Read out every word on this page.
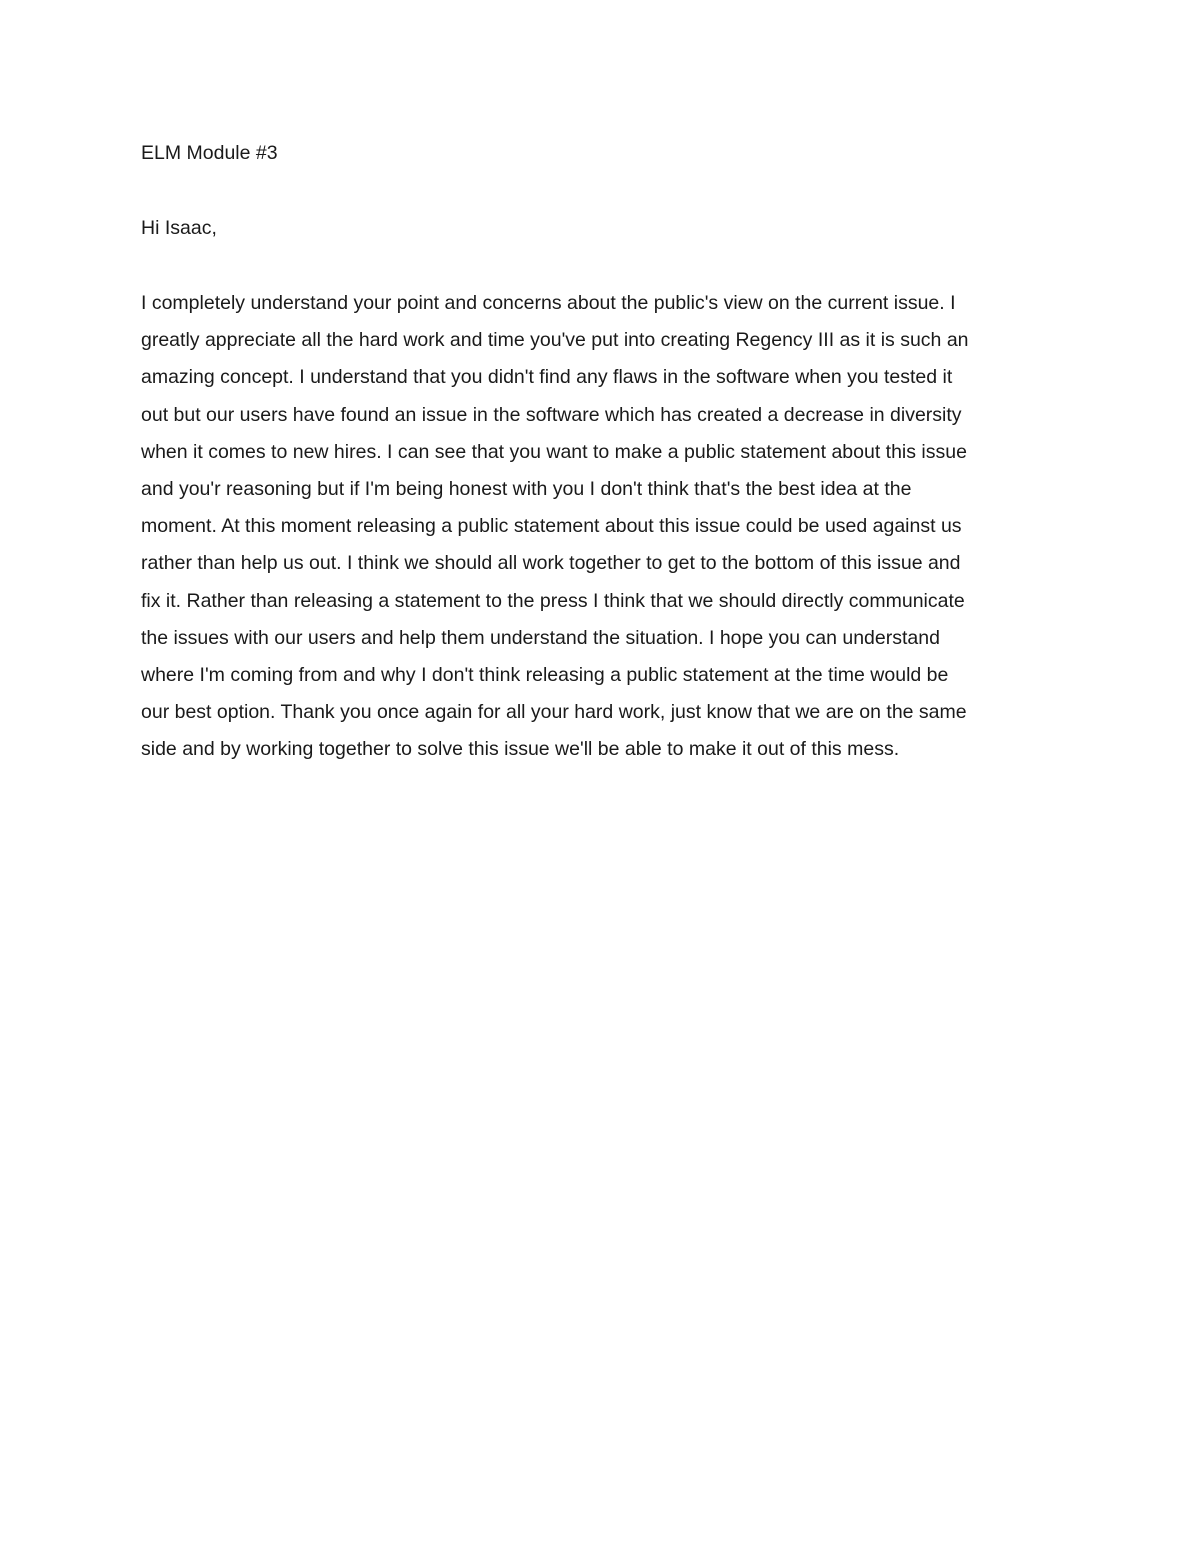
ELM Module #3

Hi Isaac,

I completely understand your point and concerns about the public's view on the current issue. I
greatly appreciate all the hard work and time you've put into creating Regency III as it is such an
amazing concept. I understand that you didn't find any flaws in the software when you tested it
out but our users have found an issue in the software which has created a decrease in diversity
when it comes to new hires. I can see that you want to make a public statement about this issue
and you'r reasoning but if I'm being honest with you I don't think that's the best idea at the
moment. At this moment releasing a public statement about this issue could be used against us
rather than help us out. I think we should all work together to get to the bottom of this issue and
fix it. Rather than releasing a statement to the press I think that we should directly communicate
the issues with our users and help them understand the situation. I hope you can understand
where I'm coming from and why I don't think releasing a public statement at the time would be
our best option. Thank you once again for all your hard work, just know that we are on the same
side and by working together to solve this issue we'll be able to make it out of this mess.
